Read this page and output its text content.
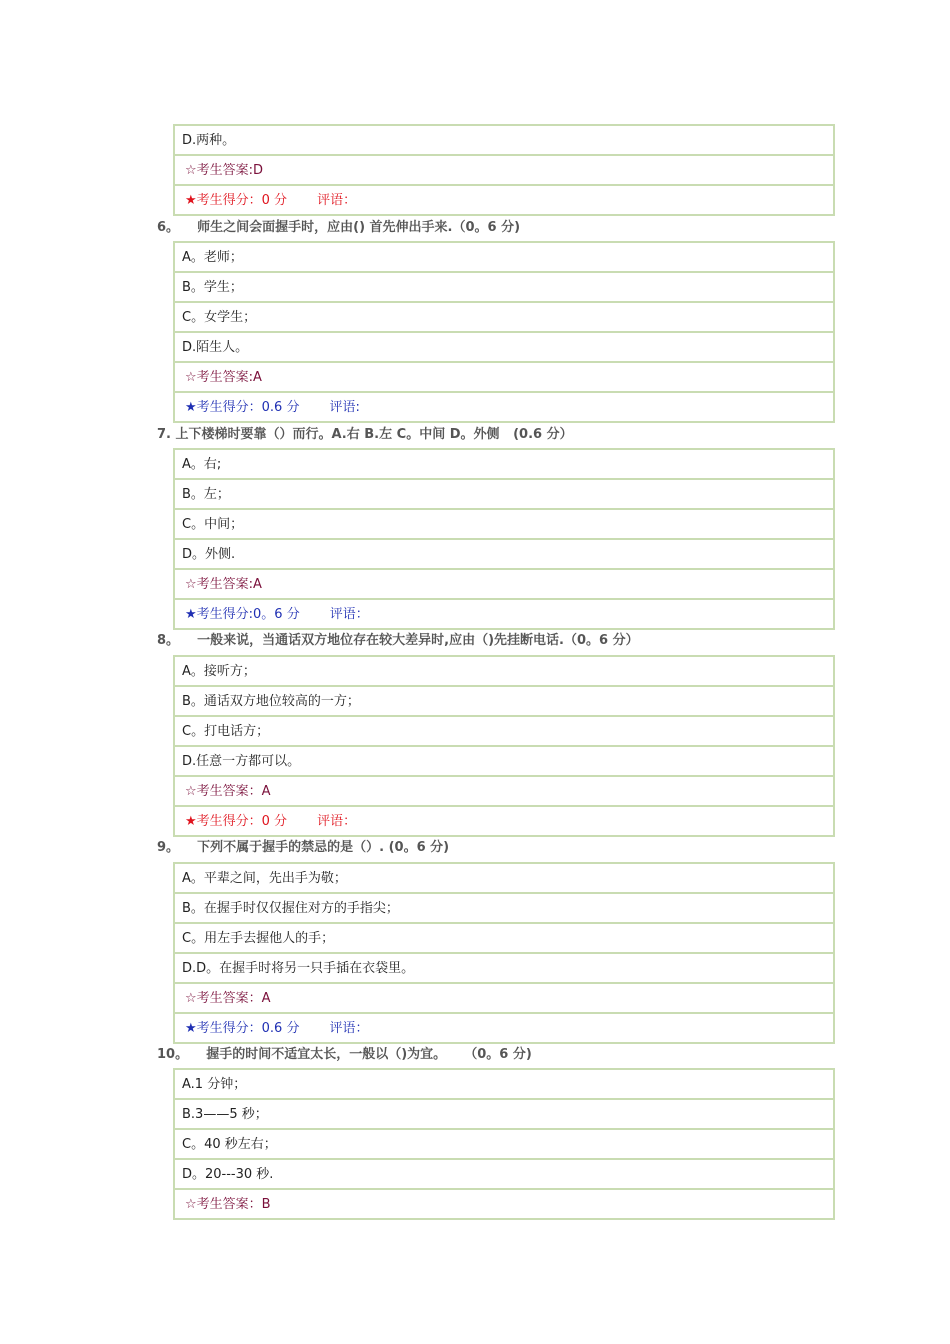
D.两种。
☆考生答案:D
★考生得分：0 分 评语：
6。    师生之间会面握手时，应由() 首先伸出手来.（0。6 分)
A。老师；
B。学生；
C。女学生；
D.陌生人。
☆考生答案:A
★考生得分：0.6 分 评语:
7. 上下楼梯时要靠（）而行。A.右 B.左 C。中间 D。外侧   (0.6 分）
A。右;
B。左；
C。中间；
D。外侧.
☆考生答案:A
★考生得分:0。6 分 评语：
8。    一般来说，当通话双方地位存在较大差异时,应由（)先挂断电话.（0。6 分）
A。接听方；
B。通话双方地位较高的一方；
C。打电话方；
D.任意一方都可以。
☆考生答案：A
★考生得分：0 分 评语：
9。    下列不属于握手的禁忌的是（）. (0。6 分)
A。平辈之间，先出手为敬；
B。在握手时仅仅握住对方的手指尖；
C。用左手去握他人的手；
D.D。在握手时将另一只手插在衣袋里。
☆考生答案：A
★考生得分：0.6 分 评语：
10。    握手的时间不适宜太长，一般以（)为宜。    （0。6 分)
A.1 分钟；
B.3——5 秒；
C。40 秒左右；
D。20---30 秒.
☆考生答案：B
